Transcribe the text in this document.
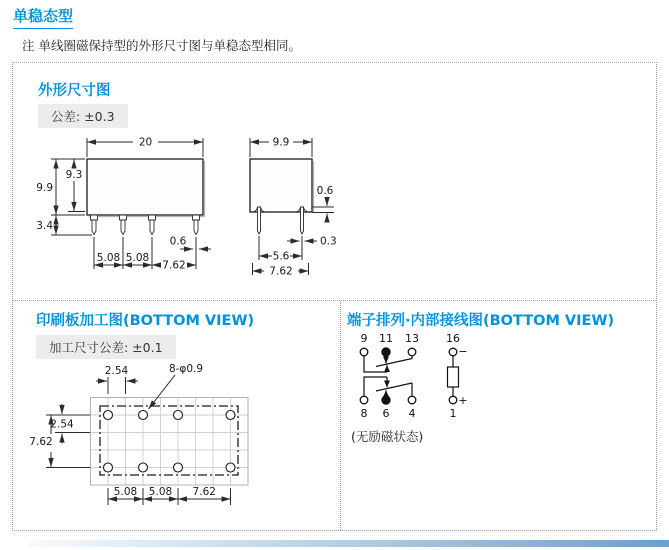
单稳态型
注 单线圈磁保持型的外形尺寸图与单稳态型相同。
外形尺寸图
公差: ±0.3
20
9.3
9.9
3.4
0.6
5.08 5.08
7.62
9.9
0.6
0.3
5.6
7.62
印刷板加工图(BOTTOM VIEW)
加工尺寸公差: ±0.1
8-φ0.9
2.54
2.54
7.62
5.08 5.08 7.62
端子排列·内部接线图(BOTTOM VIEW)
9 11 13 16
8 6 4	1
−
+
(无励磁状态)
